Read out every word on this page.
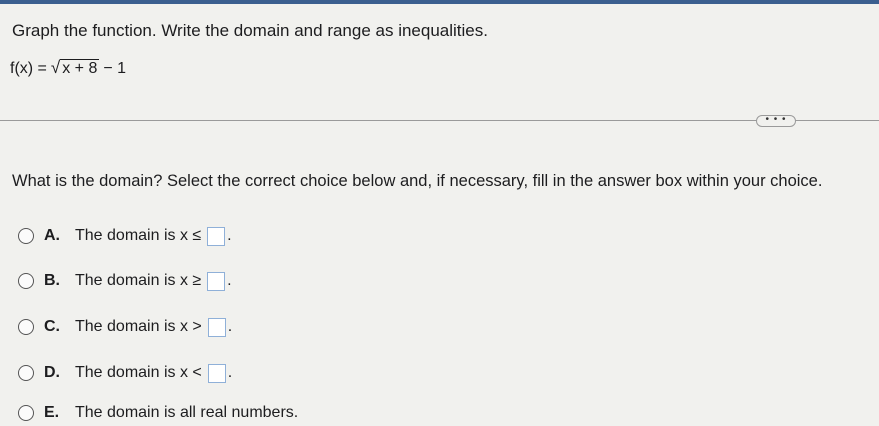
Graph the function. Write the domain and range as inequalities.
f(x) = √ x + 8 − 1
• • •
What is the domain? Select the correct choice below and, if necessary, fill in the answer box within your choice.
A. The domain is x ≤ .
B. The domain is x ≥ .
C. The domain is x > .
D. The domain is x < .
E. The domain is all real numbers.
